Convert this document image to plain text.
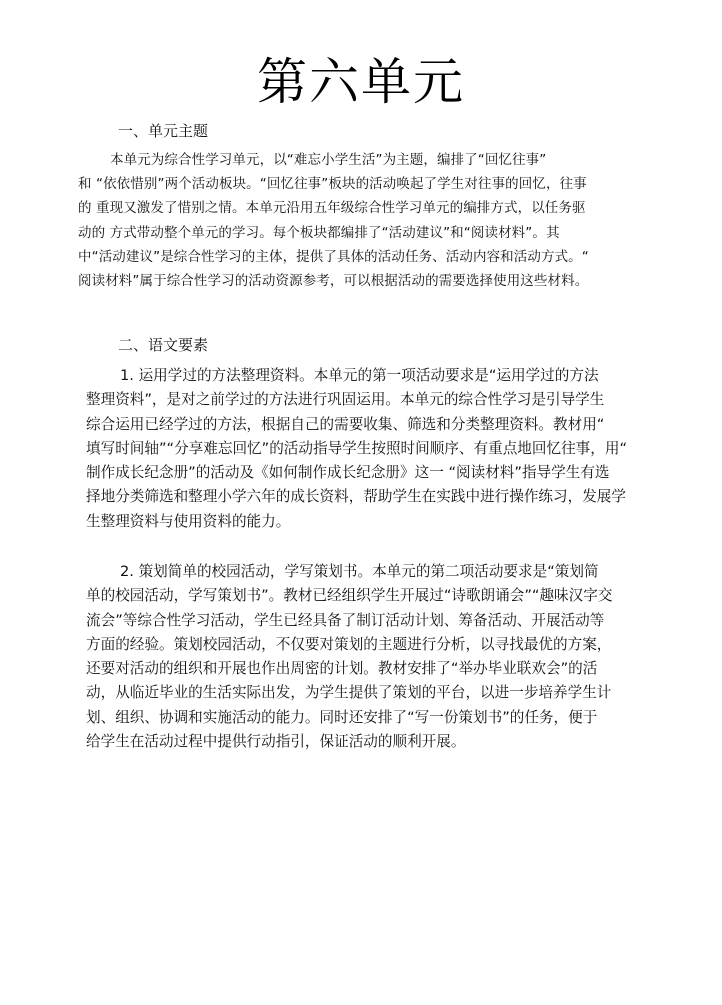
第六单元
一、单元主题
本单元为综合性学习单元，以“难忘小学生活”为主题，编排了“回忆往事”
和 “依依惜别”两个活动板块。“回忆往事”板块的活动唤起了学生对往事的回忆，往事
的 重现又激发了惜别之情。本单元沿用五年级综合性学习单元的编排方式，以任务驱
动的 方式带动整个单元的学习。每个板块都编排了“活动建议”和“阅读材料”。其
中“活动建议”是综合性学习的主体，提供了具体的活动任务、活动内容和活动方式。“
阅读材料”属于综合性学习的活动资源参考，可以根据活动的需要选择使用这些材料。
二、语文要素
1. 运用学过的方法整理资料。本单元的第一项活动要求是“运用学过的方法
整理资料”，是对之前学过的方法进行巩固运用。本单元的综合性学习是引导学生
综合运用已经学过的方法，根据自己的需要收集、筛选和分类整理资料。教材用“
填写时间轴”“分享难忘回忆”的活动指导学生按照时间顺序、有重点地回忆往事，用“
制作成长纪念册”的活动及《如何制作成长纪念册》这一 “阅读材料”指导学生有选
择地分类筛选和整理小学六年的成长资料，帮助学生在实践中进行操作练习，发展学
生整理资料与使用资料的能力。
2. 策划简单的校园活动，学写策划书。本单元的第二项活动要求是“策划简
单的校园活动，学写策划书”。教材已经组织学生开展过“诗歌朗诵会”“趣味汉字交
流会”等综合性学习活动，学生已经具备了制订活动计划、筹备活动、开展活动等
方面的经验。策划校园活动，不仅要对策划的主题进行分析，以寻找最优的方案，
还要对活动的组织和开展也作出周密的计划。教材安排了“举办毕业联欢会”的活
动，从临近毕业的生活实际出发，为学生提供了策划的平台，以进一步培养学生计
划、组织、协调和实施活动的能力。同时还安排了“写一份策划书”的任务，便于
给学生在活动过程中提供行动指引，保证活动的顺利开展。
